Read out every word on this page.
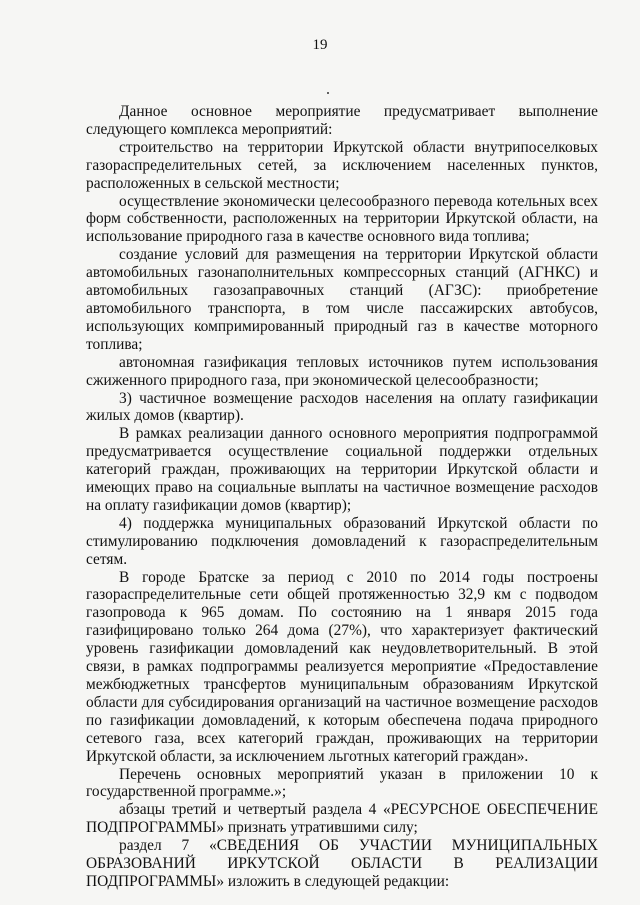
19

Данное основное мероприятие предусматривает выполнение следующего комплекса мероприятий:

строительство на территории Иркутской области внутрипоселковых газораспределительных сетей, за исключением населенных пунктов, расположенных в сельской местности;

осуществление экономически целесообразного перевода котельных всех форм собственности, расположенных на территории Иркутской области, на использование природного газа в качестве основного вида топлива;

создание условий для размещения на территории Иркутской области автомобильных газонаполнительных компрессорных станций (АГНКС) и автомобильных газозаправочных станций (АГЗС): приобретение автомобильного транспорта, в том числе пассажирских автобусов, использующих компримированный природный газ в качестве моторного топлива;

автономная газификация тепловых источников путем использования сжиженного природного газа, при экономической целесообразности;

3) частичное возмещение расходов населения на оплату газификации жилых домов (квартир).

В рамках реализации данного основного мероприятия подпрограммой предусматривается осуществление социальной поддержки отдельных категорий граждан, проживающих на территории Иркутской области и имеющих право на социальные выплаты на частичное возмещение расходов на оплату газификации домов (квартир);

4) поддержка муниципальных образований Иркутской области по стимулированию подключения домовладений к газораспределительным сетям.

В городе Братске за период с 2010 по 2014 годы построены газораспределительные сети общей протяженностью 32,9 км с подводом газопровода к 965 домам. По состоянию на 1 января 2015 года газифицировано только 264 дома (27%), что характеризует фактический уровень газификации домовладений как неудовлетворительный. В этой связи, в рамках подпрограммы реализуется мероприятие «Предоставление межбюджетных трансфертов муниципальным образованиям Иркутской области для субсидирования организаций на частичное возмещение расходов по газификации домовладений, к которым обеспечена подача природного сетевого газа, всех категорий граждан, проживающих на территории Иркутской области, за исключением льготных категорий граждан».

Перечень основных мероприятий указан в приложении 10 к государственной программе.»;

абзацы третий и четвертый раздела 4 «РЕСУРСНОЕ ОБЕСПЕЧЕНИЕ ПОДПРОГРАММЫ» признать утратившими силу;

раздел 7 «СВЕДЕНИЯ ОБ УЧАСТИИ МУНИЦИПАЛЬНЫХ ОБРАЗОВАНИЙ ИРКУТСКОЙ ОБЛАСТИ В РЕАЛИЗАЦИИ ПОДПРОГРАММЫ» изложить в следующей редакции:
